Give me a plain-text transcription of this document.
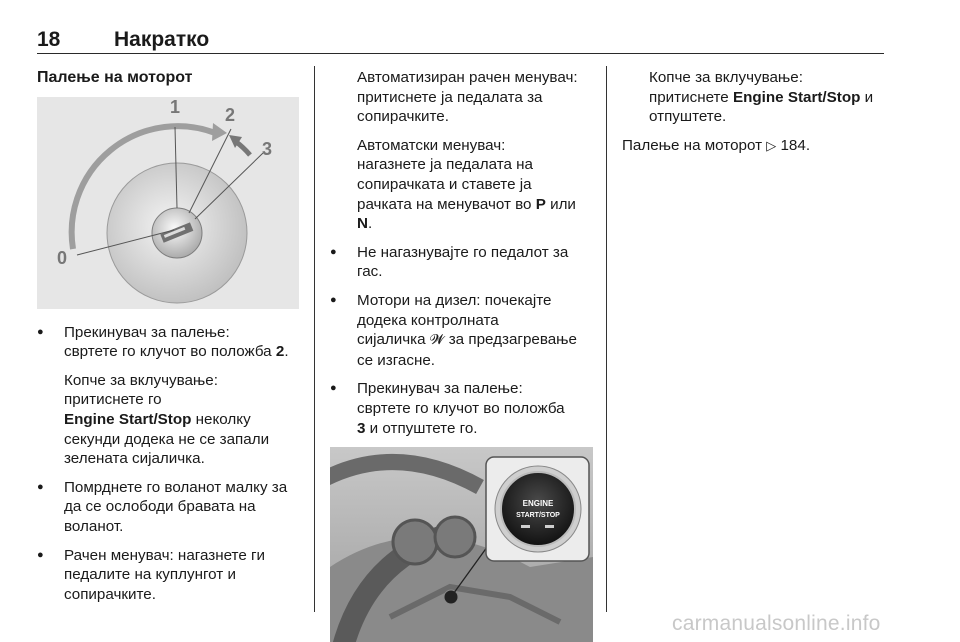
18	Накратко
Палење на моторот
1 2
3
0
● Прекинувач за палење:
свртете го клучот во положба 2.
Копче за вклучување:
притиснете го
Engine Start/Stop неколку
секунди додека не се запали
зелената сијаличка.
● Помрднете го воланот малку за
да се ослободи бравата на
воланот.
● Рачен менувач: нагазнете ги
педалите на куплунгот и
сопирачките.
Автоматизиран рачен менувач:
притиснете ја педалата за
сопирачките.
Автоматски менувач:
нагазнете ја педалата на
сопирачката и ставете ја
рачката на менувачот во P или
N.
● Не нагазнувајте го педалот за
гас.
● Мотори на дизел: почекајте
додека контролната
сијаличка 𝓦 за предзагревање
се изгасне.
● Прекинувач за палење:
свртете го клучот во положба
3 и отпуштете го.
ENGINE
START/STOP
Копче за вклучување:
притиснете Engine Start/Stop и
отпуштете.
Палење на моторот ▷ 184.
carmanualsonline.info
